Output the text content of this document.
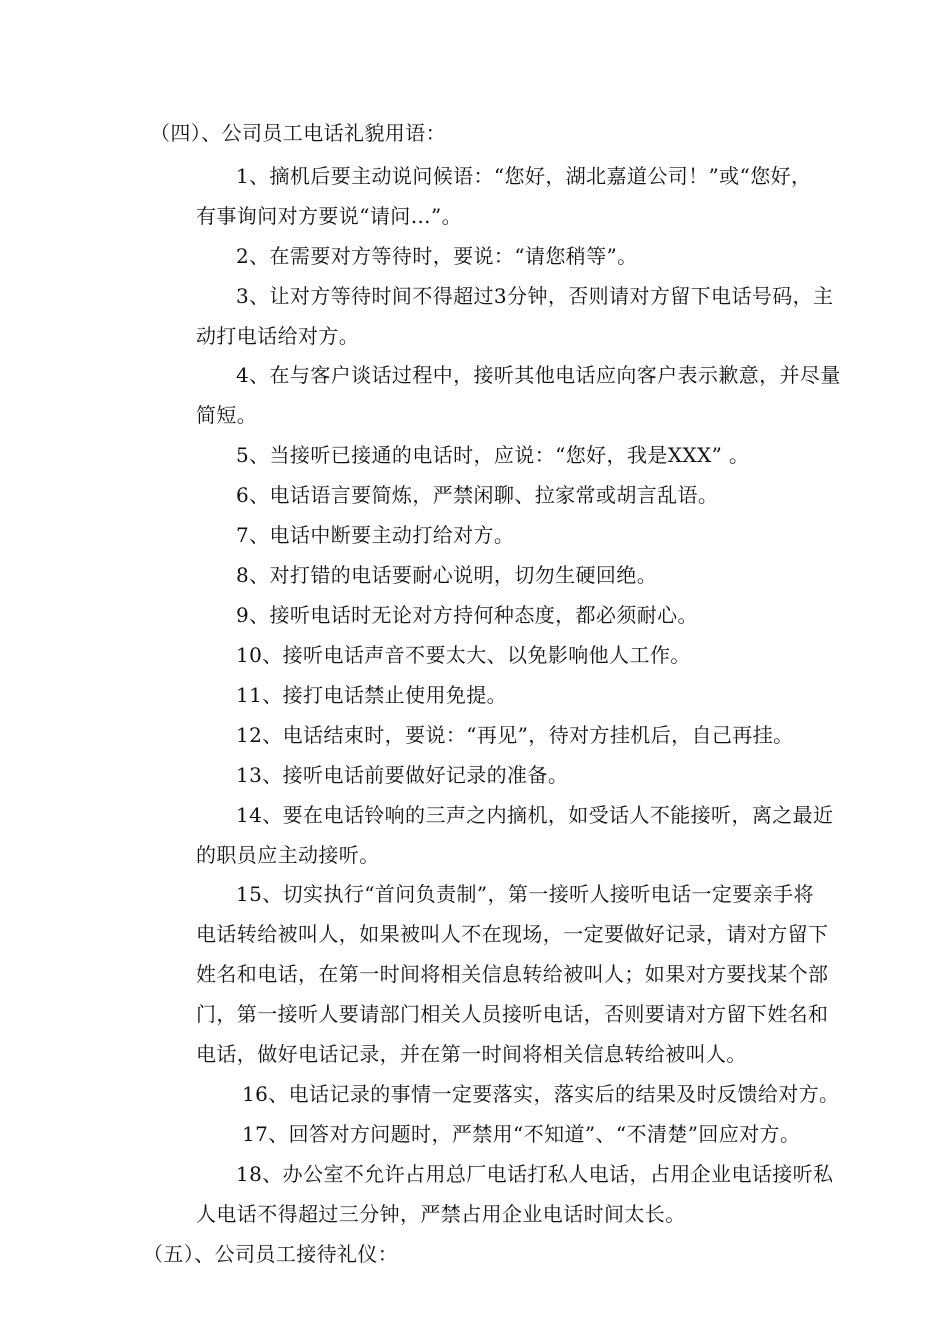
（四）、公司员工电话礼貌用语：
1、摘机后要主动说问候语：“您好，湖北嘉道公司！”或“您好，
有事询问对方要说“请问…”。
2、在需要对方等待时，要说：“请您稍等”。
3、让对方等待时间不得超过3分钟，否则请对方留下电话号码，主
动打电话给对方。
4、在与客户谈话过程中，接听其他电话应向客户表示歉意，并尽量
简短。
5、当接听已接通的电话时，应说：“您好，我是XXX” 。
6、电话语言要简炼，严禁闲聊、拉家常或胡言乱语。
7、电话中断要主动打给对方。
8、对打错的电话要耐心说明，切勿生硬回绝。
9、接听电话时无论对方持何种态度，都必须耐心。
10、接听电话声音不要太大、以免影响他人工作。
11、接打电话禁止使用免提。
12、电话结束时，要说：“再见”，待对方挂机后，自己再挂。
13、接听电话前要做好记录的准备。
14、要在电话铃响的三声之内摘机，如受话人不能接听，离之最近
的职员应主动接听。
15、切实执行“首问负责制”，第一接听人接听电话一定要亲手将
电话转给被叫人，如果被叫人不在现场，一定要做好记录，请对方留下
姓名和电话，在第一时间将相关信息转给被叫人；如果对方要找某个部
门，第一接听人要请部门相关人员接听电话，否则要请对方留下姓名和
电话，做好电话记录，并在第一时间将相关信息转给被叫人。
16、电话记录的事情一定要落实，落实后的结果及时反馈给对方。
17、回答对方问题时，严禁用“不知道”、“不清楚”回应对方。
18、办公室不允许占用总厂电话打私人电话，占用企业电话接听私
人电话不得超过三分钟，严禁占用企业电话时间太长。
（五）、公司员工接待礼仪：
